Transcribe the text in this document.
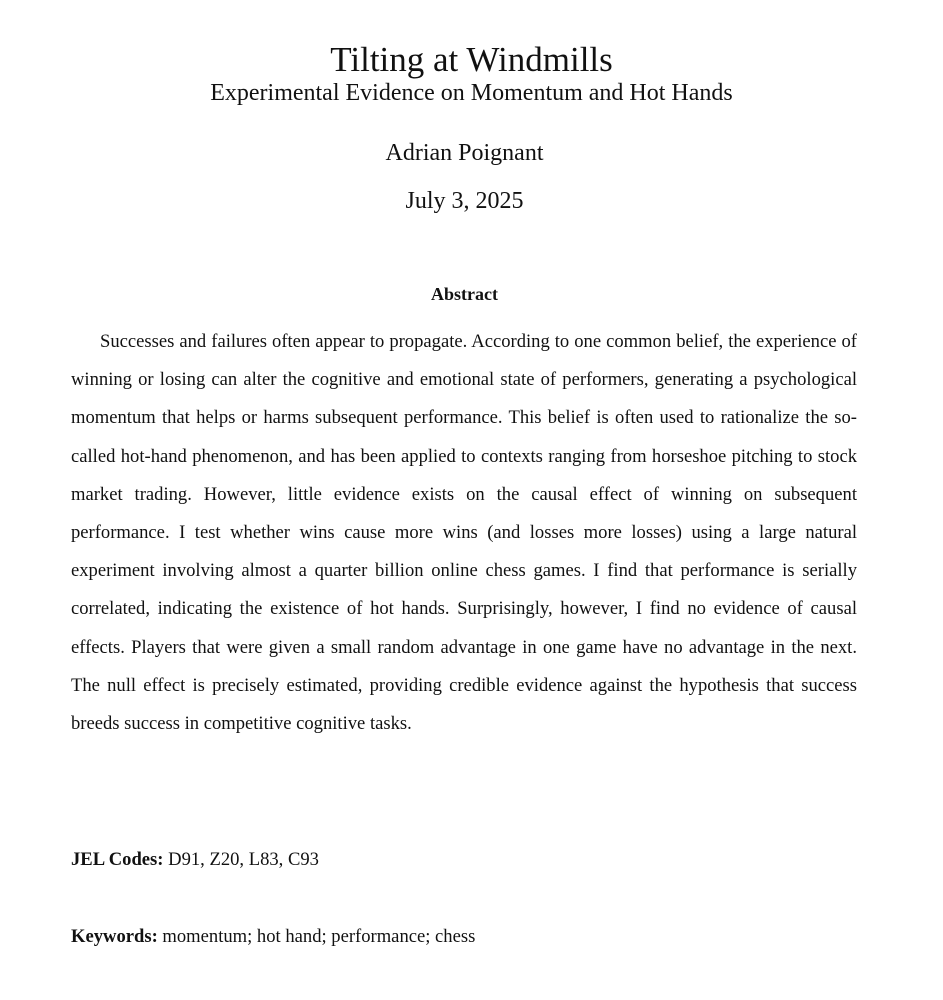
Tilting at Windmills
Experimental Evidence on Momentum and Hot Hands
Adrian Poignant
July 3, 2025
Abstract

Successes and failures often appear to propagate. According to one common belief, the experience of winning or losing can alter the cognitive and emotional state of performers, generating a psychological momentum that helps or harms subsequent performance. This belief is often used to rationalize the so-called hot-hand phenomenon, and has been applied to contexts ranging from horseshoe pitching to stock market trading. However, little evidence exists on the causal effect of winning on subsequent performance. I test whether wins cause more wins (and losses more losses) using a large natural experiment involving almost a quarter billion online chess games. I find that performance is serially correlated, indicating the existence of hot hands. Surprisingly, however, I find no evidence of causal effects. Players that were given a small random advantage in one game have no advantage in the next. The null effect is precisely estimated, providing credible evidence against the hypothesis that success breeds success in competitive cognitive tasks.

JEL Codes: D91, Z20, L83, C93
Keywords: momentum; hot hand; performance; chess
